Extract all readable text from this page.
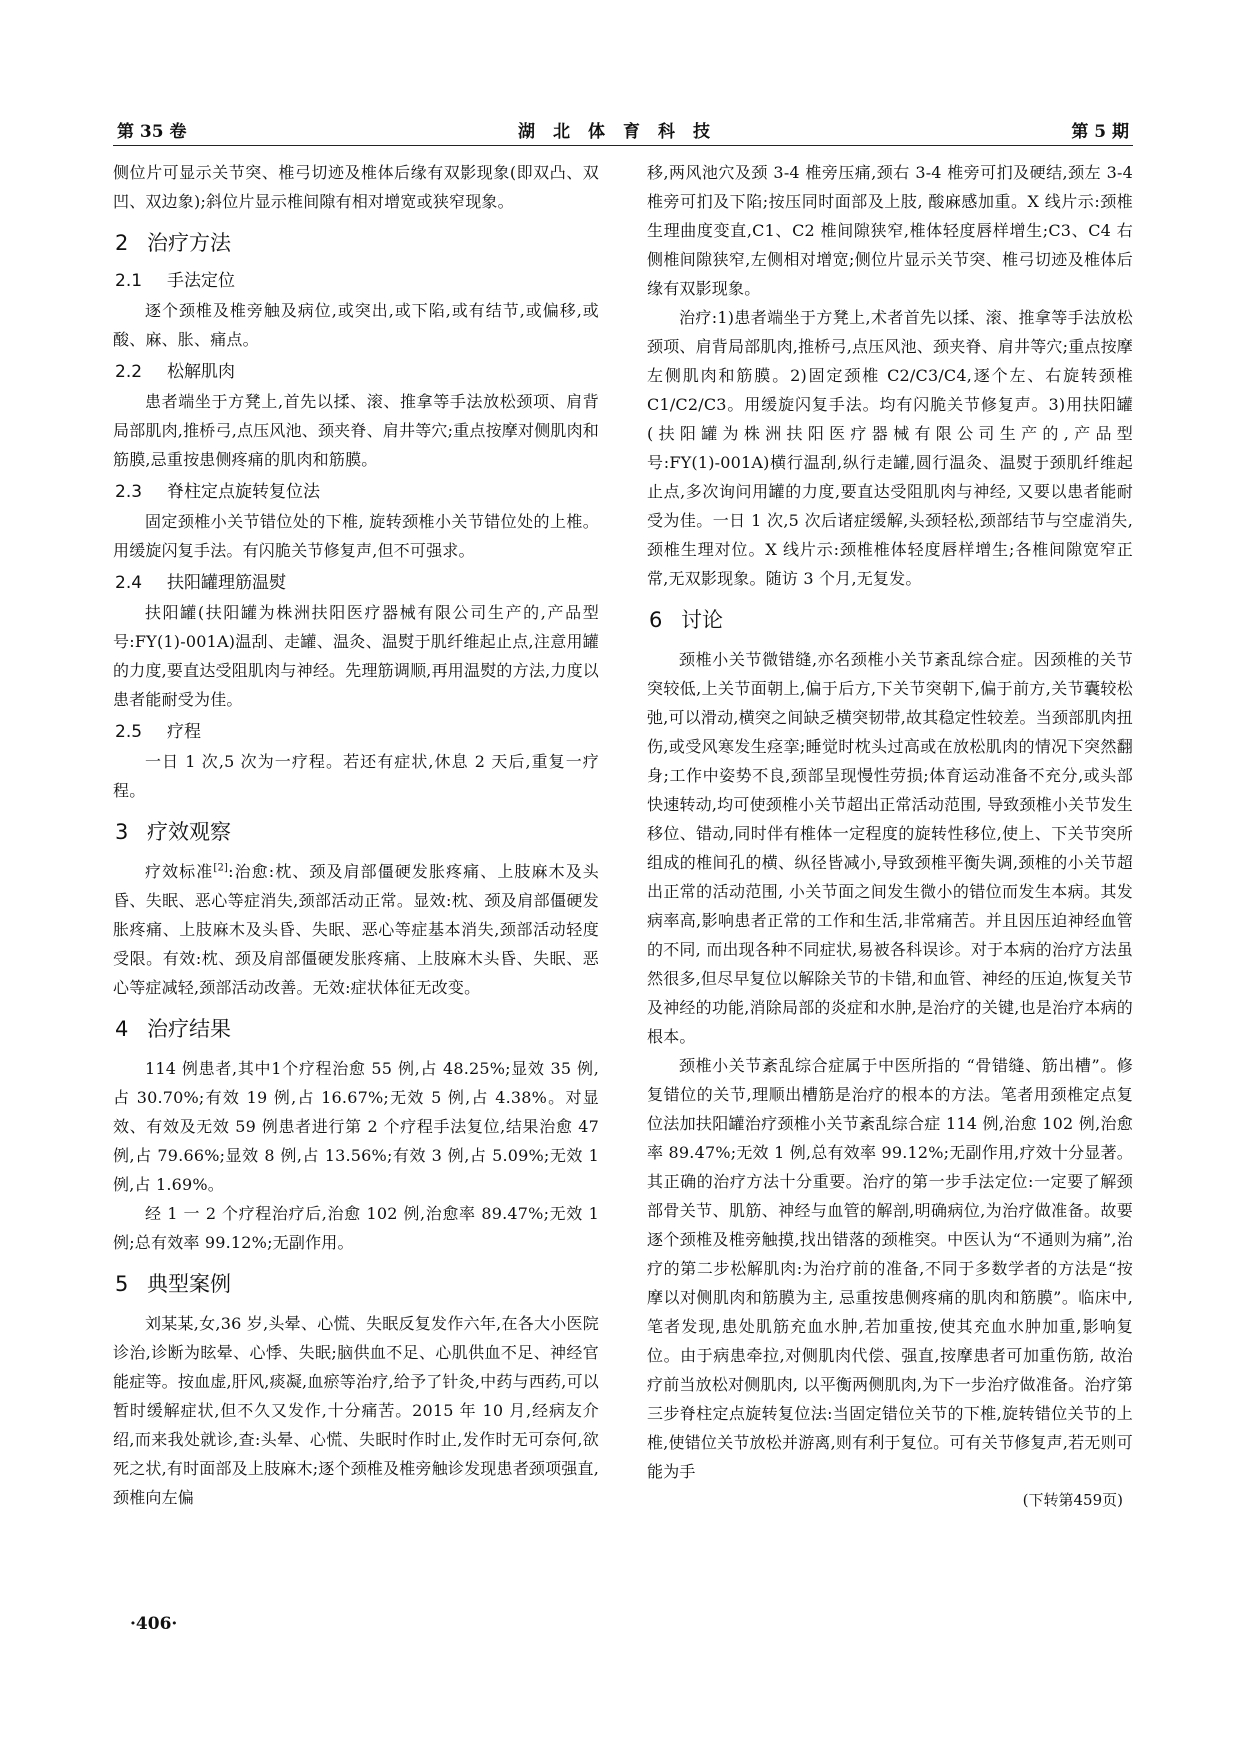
第 35 卷	湖北体育科技	第 5 期

侧位片可显示关节突、椎弓切迹及椎体后缘有双影现象(即双凸、双凹、双边象);斜位片显示椎间隙有相对增宽或狭窄现象。

2 治疗方法
2.1 手法定位

逐个颈椎及椎旁触及病位,或突出,或下陷,或有结节,或偏移,或酸、麻、胀、痛点。

2.2 松解肌肉

患者端坐于方凳上,首先以揉、滚、推拿等手法放松颈项、肩背局部肌肉,推桥弓,点压风池、颈夹脊、肩井等穴;重点按摩对侧肌肉和筋膜,忌重按患侧疼痛的肌肉和筋膜。

2.3 脊柱定点旋转复位法

固定颈椎小关节错位处的下椎, 旋转颈椎小关节错位处的上椎。用缓旋闪复手法。有闪脆关节修复声,但不可强求。

2.4 扶阳罐理筋温熨

扶阳罐(扶阳罐为株洲扶阳医疗器械有限公司生产的,产品型号:FY(1)-001A)温刮、走罐、温灸、温熨于肌纤维起止点,注意用罐的力度,要直达受阻肌肉与神经。先理筋调顺,再用温熨的方法,力度以患者能耐受为佳。

2.5 疗程

一日 1 次,5 次为一疗程。若还有症状,休息 2 天后,重复一疗程。

3 疗效观察

疗效标准[2]:治愈:枕、颈及肩部僵硬发胀疼痛、上肢麻木及头昏、失眠、恶心等症消失,颈部活动正常。显效:枕、颈及肩部僵硬发胀疼痛、上肢麻木及头昏、失眠、恶心等症基本消失,颈部活动轻度受限。有效:枕、颈及肩部僵硬发胀疼痛、上肢麻木头昏、失眠、恶心等症减轻,颈部活动改善。无效:症状体征无改变。

4 治疗结果

114 例患者,其中1个疗程治愈 55 例,占 48.25%;显效 35 例,占 30.70%;有效 19 例,占 16.67%;无效 5 例,占 4.38%。对显效、有效及无效 59 例患者进行第 2 个疗程手法复位,结果治愈 47 例,占 79.66%;显效 8 例,占 13.56%;有效 3 例,占 5.09%;无效 1 例,占 1.69%。

经 1 一 2 个疗程治疗后,治愈 102 例,治愈率 89.47%;无效 1 例;总有效率 99.12%;无副作用。

5 典型案例

刘某某,女,36 岁,头晕、心慌、失眠反复发作六年,在各大小医院诊治,诊断为眩晕、心悸、失眠;脑供血不足、心肌供血不足、神经官能症等。按血虚,肝风,痰凝,血瘀等治疗,给予了针灸,中药与西药,可以暂时缓解症状,但不久又发作,十分痛苦。2015 年 10 月,经病友介绍,而来我处就诊,查:头晕、心慌、失眠时作时止,发作时无可奈何,欲死之状,有时面部及上肢麻木;逐个颈椎及椎旁触诊发现患者颈项强直, 颈椎向左偏

移,两风池穴及颈 3-4 椎旁压痛,颈右 3-4 椎旁可扪及硬结,颈左 3-4 椎旁可扪及下陷;按压同时面部及上肢, 酸麻感加重。X 线片示:颈椎生理曲度变直,C1、C2 椎间隙狭窄,椎体轻度唇样增生;C3、C4 右侧椎间隙狭窄,左侧相对增宽;侧位片显示关节突、椎弓切迹及椎体后缘有双影现象。

治疗:1)患者端坐于方凳上,术者首先以揉、滚、推拿等手法放松颈项、肩背局部肌肉,推桥弓,点压风池、颈夹脊、肩井等穴;重点按摩左侧肌肉和筋膜。2)固定颈椎 C2/C3/C4,逐个左、右旋转颈椎 C1/C2/C3。用缓旋闪复手法。均有闪脆关节修复声。3)用扶阳罐(扶阳罐为株洲扶阳医疗器械有限公司生产的,产品型号:FY(1)-001A)横行温刮,纵行走罐,圆行温灸、温熨于颈肌纤维起止点,多次询问用罐的力度,要直达受阻肌肉与神经, 又要以患者能耐受为佳。一日 1 次,5 次后诸症缓解,头颈轻松,颈部结节与空虚消失,颈椎生理对位。X 线片示:颈椎椎体轻度唇样增生;各椎间隙宽窄正常,无双影现象。随访 3 个月,无复发。

6 讨论

颈椎小关节微错缝,亦名颈椎小关节紊乱综合症。因颈椎的关节突较低,上关节面朝上,偏于后方,下关节突朝下,偏于前方,关节囊较松弛,可以滑动,横突之间缺乏横突韧带,故其稳定性较差。当颈部肌肉扭伤,或受风寒发生痉挛;睡觉时枕头过高或在放松肌肉的情况下突然翻身;工作中姿势不良,颈部呈现慢性劳损;体育运动准备不充分,或头部快速转动,均可使颈椎小关节超出正常活动范围, 导致颈椎小关节发生移位、错动,同时伴有椎体一定程度的旋转性移位,使上、下关节突所组成的椎间孔的横、纵径皆减小,导致颈椎平衡失调,颈椎的小关节超出正常的活动范围, 小关节面之间发生微小的错位而发生本病。其发病率高,影响患者正常的工作和生活,非常痛苦。并且因压迫神经血管的不同, 而出现各种不同症状,易被各科误诊。对于本病的治疗方法虽然很多,但尽早复位以解除关节的卡错,和血管、神经的压迫,恢复关节及神经的功能,消除局部的炎症和水肿,是治疗的关键,也是治疗本病的根本。

颈椎小关节紊乱综合症属于中医所指的 “骨错缝、筋出槽”。修复错位的关节,理顺出槽筋是治疗的根本的方法。笔者用颈椎定点复位法加扶阳罐治疗颈椎小关节紊乱综合症 114 例,治愈 102 例,治愈率 89.47%;无效 1 例,总有效率 99.12%;无副作用,疗效十分显著。其正确的治疗方法十分重要。治疗的第一步手法定位:一定要了解颈部骨关节、肌筋、神经与血管的解剖,明确病位,为治疗做准备。故要逐个颈椎及椎旁触摸,找出错落的颈椎突。中医认为“不通则为痛”,治疗的第二步松解肌肉:为治疗前的准备,不同于多数学者的方法是“按摩以对侧肌肉和筋膜为主, 忌重按患侧疼痛的肌肉和筋膜”。临床中,笔者发现,患处肌筋充血水肿,若加重按,使其充血水肿加重,影响复位。由于病患牵拉,对侧肌肉代偿、强直,按摩患者可加重伤筋, 故治疗前当放松对侧肌肉, 以平衡两侧肌肉,为下一步治疗做准备。治疗第三步脊柱定点旋转复位法:当固定错位关节的下椎,旋转错位关节的上椎,使错位关节放松并游离,则有利于复位。可有关节修复声,若无则可能为手

(下转第459页)
·406·
